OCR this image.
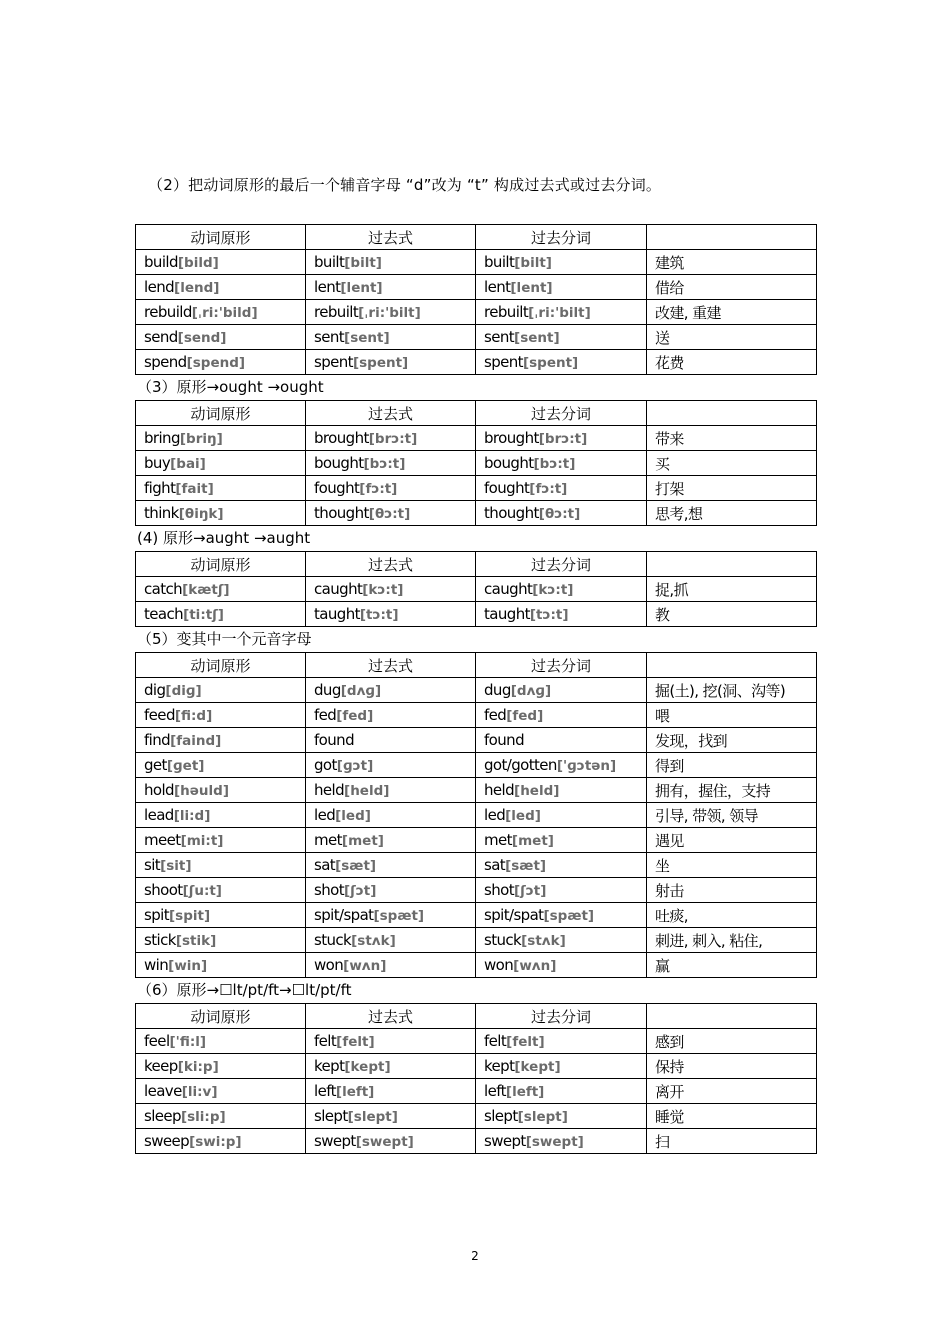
（2）把动词原形的最后一个辅音字母 “d”改为 “t” 构成过去式或过去分词。
动词原形	过去式	过去分词	
build[bild]	built[bilt]	built[bilt]	建筑
lend[lend]	lent[lent]	lent[lent]	借给
rebuild[ˌri:'bild]	rebuilt[ˌri:'bilt]	rebuilt[ˌri:'bilt]	改建, 重建
send[send]	sent[sent]	sent[sent]	送
spend[spend]	spent[spent]	spent[spent]	花费
（3）原形→ought →ought
动词原形	过去式	过去分词	
bring[briŋ]	brought[brɔ:t]	brought[brɔ:t]	带来
buy[bai]	bought[bɔ:t]	bought[bɔ:t]	买
fight[fait]	fought[fɔ:t]	fought[fɔ:t]	打架
think[θiŋk]	thought[θɔ:t]	thought[θɔ:t]	思考,想
(4) 原形→aught →aught
动词原形	过去式	过去分词	
catch[kætʃ]	caught[kɔ:t]	caught[kɔ:t]	捉,抓
teach[ti:tʃ]	taught[tɔ:t]	taught[tɔ:t]	教
（5）变其中一个元音字母
动词原形	过去式	过去分词	
dig[diɡ]	dug[dʌɡ]	dug[dʌɡ]	掘(土), 挖(洞、沟等)
feed[fi:d]	fed[fed]	fed[fed]	喂
find[faind]	found	found	发现，找到
get[ɡet]	got[ɡɔt]	got/gotten['ɡɔtən]	得到
hold[həuld]	held[held]	held[held]	拥有，握住，支持
lead[li:d]	led[led]	led[led]	引导, 带领, 领导
meet[mi:t]	met[met]	met[met]	遇见
sit[sit]	sat[sæt]	sat[sæt]	坐
shoot[ʃu:t]	shot[ʃɔt]	shot[ʃɔt]	射击
spit[spit]	spit/spat[spæt]	spit/spat[spæt]	吐痰,
stick[stik]	stuck[stʌk]	stuck[stʌk]	刺进, 刺入, 粘住,
win[win]	won[wʌn]	won[wʌn]	赢
（6）原形→☐lt/pt/ft→☐lt/pt/ft
动词原形	过去式	过去分词	
feel['fi:l]	felt[felt]	felt[felt]	感到
keep[ki:p]	kept[kept]	kept[kept]	保持
leave[li:v]	left[left]	left[left]	离开
sleep[sli:p]	slept[slept]	slept[slept]	睡觉
sweep[swi:p]	swept[swept]	swept[swept]	扫
2
